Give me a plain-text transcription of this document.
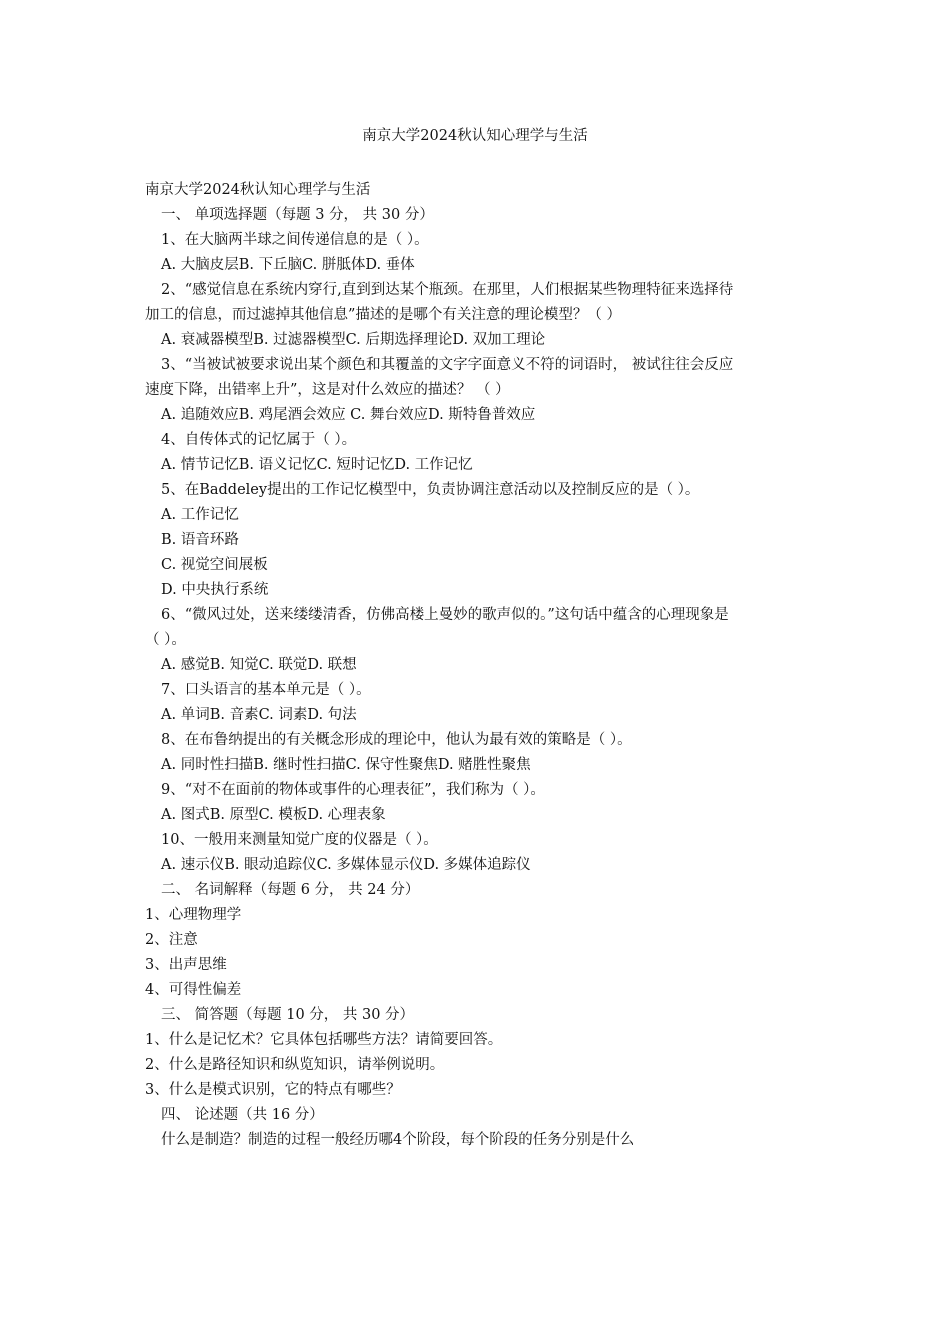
南京大学2024秋认知心理学与生活

南京大学2024秋认知心理学与生活

一、 单项选择题（每题 3 分， 共 30 分）

1、在大脑两半球之间传递信息的是（ ）。

A. 大脑皮层B. 下丘脑C. 胼胝体D. 垂体

2、“感觉信息在系统内穿行,直到到达某个瓶颈。在那里，人们根据某些物理特征来选择待

加工的信息，而过滤掉其他信息”描述的是哪个有关注意的理论模型？（ ）

A. 衰减器模型B. 过滤器模型C. 后期选择理论D. 双加工理论

3、“当被试被要求说出某个颜色和其覆盖的文字字面意义不符的词语时， 被试往往会反应

速度下降，出错率上升”，这是对什么效应的描述？ （ ）

A. 追随效应B. 鸡尾酒会效应 C. 舞台效应D. 斯特鲁普效应

4、自传体式的记忆属于（ ）。

A. 情节记忆B. 语义记忆C. 短时记忆D. 工作记忆

5、在Baddeley提出的工作记忆模型中，负责协调注意活动以及控制反应的是（ ）。

A. 工作记忆

B. 语音环路

C. 视觉空间展板

D. 中央执行系统

6、“微风过处，送来缕缕清香，仿佛高楼上曼妙的歌声似的。”这句话中蕴含的心理现象是

（ ）。

A. 感觉B. 知觉C. 联觉D. 联想

7、口头语言的基本单元是（ ）。

A. 单词B. 音素C. 词素D. 句法

8、在布鲁纳提出的有关概念形成的理论中，他认为最有效的策略是（ ）。

A. 同时性扫描B. 继时性扫描C. 保守性聚焦D. 赌胜性聚焦

9、“对不在面前的物体或事件的心理表征”，我们称为（ ）。

A. 图式B. 原型C. 模板D. 心理表象

10、一般用来测量知觉广度的仪器是（ ）。

A. 速示仪B. 眼动追踪仪C. 多媒体显示仪D. 多媒体追踪仪

二、 名词解释（每题 6 分， 共 24 分）

1、心理物理学

2、注意

3、出声思维

4、可得性偏差

三、 简答题（每题 10 分， 共 30 分）

1、什么是记忆术？它具体包括哪些方法？请简要回答。

2、什么是路径知识和纵览知识，请举例说明。

3、什么是模式识别，它的特点有哪些？

四、 论述题（共 16 分）

什么是制造？制造的过程一般经历哪4个阶段，每个阶段的任务分别是什么
